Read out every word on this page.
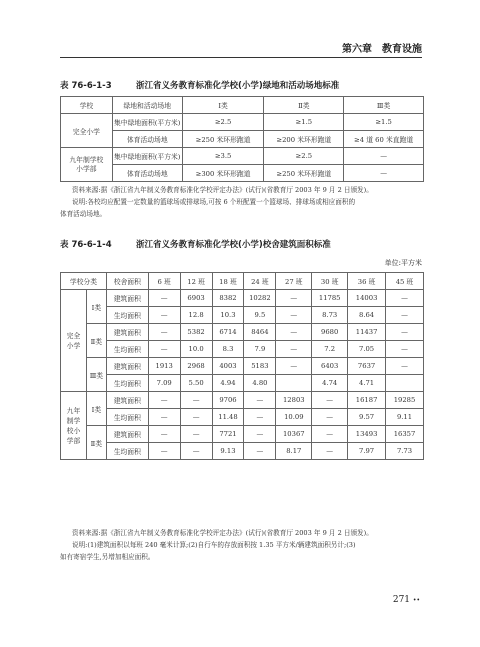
第六章　教育设施
表 76-6-1-3	浙江省义务教育标准化学校(小学)绿地和活动场地标准
学校	绿地和活动场地	Ⅰ类	Ⅱ类	Ⅲ类
完全小学	集中绿地面积(平方米)	≥2.5	≥1.5	≥1.5
	体育活动场地	≥250 米环形跑道	≥200 米环形跑道	≥4 道 60 米直跑道
九年制学校小学部	集中绿地面积(平方米)	≥3.5	≥2.5	—
	体育活动场地	≥300 米环形跑道	≥250 米环形跑道	—

资料来源:据《浙江省九年制义务教育标准化学校评定办法》(试行)(省教育厅 2003 年 9 月 2 日颁发)。

说明:各校均应配置一定数量的篮球场或排球场,可按 6 个班配置一个篮球场、排球场或相应面积的

体育活动场地。

表 76-6-1-4	浙江省义务教育标准化学校(小学)校舍建筑面积标准
单位:平方米
学校分类		校舍面积	6 班	12 班	18 班	24 班	27 班	30 班	36 班	45 班
完全小学	Ⅰ类	建筑面积	—	6903	8382	10282	—	11785	14003	—
		生均面积	—	12.8	10.3	9.5	—	8.73	8.64	—
	Ⅱ类	建筑面积	—	5382	6714	8464	—	9680	11437	—
		生均面积	—	10.0	8.3	7.9	—	7.2	7.05	—
	Ⅲ类	建筑面积	1913	2968	4003	5183	—	6403	7637	—
		生均面积	7.09	5.50	4.94	4.80		4.74	4.71	
九年制学校小学部	Ⅰ类	建筑面积	—	—	9706	—	12803	—	16187	19285
		生均面积	—	—	11.48	—	10.09	—	9.57	9.11
	Ⅱ类	建筑面积	—	—	7721	—	10367	—	13493	16357
		生均面积	—	—	9.13	—	8.17	—	7.97	7.73

资料来源:据《浙江省九年制义务教育标准化学校评定办法》(试行)(省教育厅 2003 年 9 月 2 日颁发)。

说明:(1)建筑面积以每班 240 毫米计算;(2)自行车的存放面积按 1.35 平方米/辆建筑面积另计;(3)

如有寄宿学生,另增加相应面积。

271 ••
